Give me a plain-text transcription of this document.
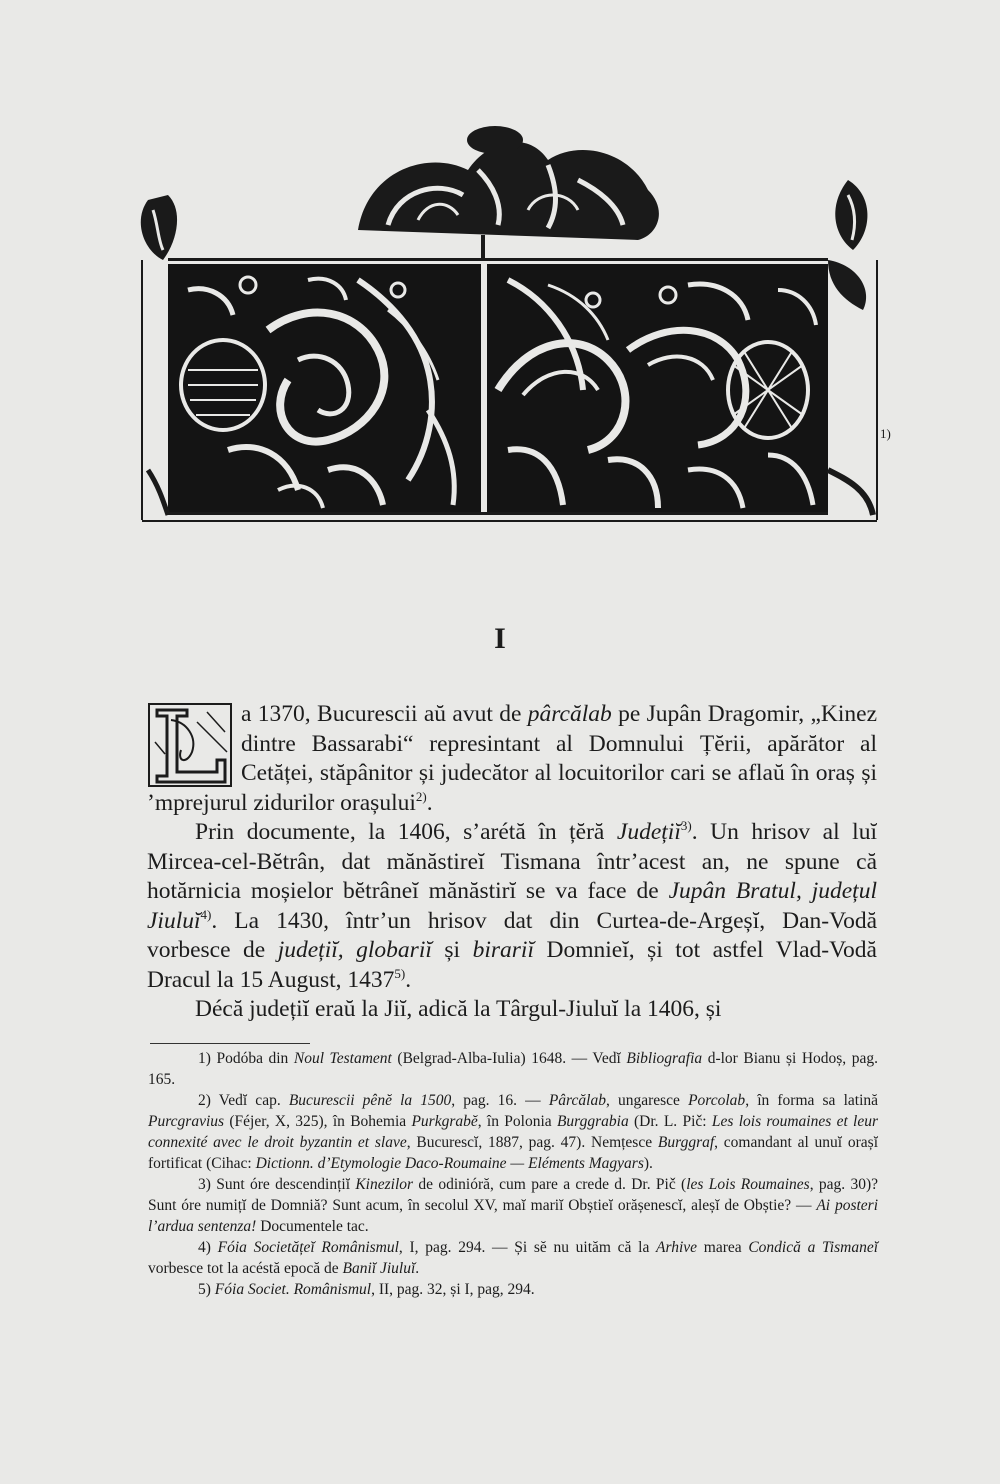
1)
I

a 1370, Bucurescii aŭ avut de pârcălab pe Jupân Dragomir, „Kinez dintre Bassarabi“ represintant al Domnului Țĕrii, apărător al Cetăței, stăpânitor și judecător al locuitorilor cari se aflaŭ în oraș și ’mprejurul zidurilor orașului$^{2)}$.

Prin documente, la 1406, s’arétă în țĕră Județiĭ$^{3)}$. Un hrisov al luĭ Mircea-cel-Bĕtrân, dat mănăstireĭ Tismana într’acest an, ne spune că hotărnicia moșielor bĕtrâneĭ mănăstirĭ se va face de Jupân Bratul, județul Jiuluĭ$^{4)}$. La 1430, într’un hrisov dat din Curtea-de-Argeșĭ, Dan-Vodă vorbesce de județiĭ, globariĭ și birariĭ Domnieĭ, și tot astfel Vlad-Vodă Dracul la 15 August, 1437$^{5)}$.

Décă județiĭ eraŭ la Jiĭ, adică la Târgul-Jiuluĭ la 1406, și

1) Podóba din Noul Testament (Belgrad-Alba-Iulia) 1648. — Vedĭ Bibliografia d-lor Bianu și Hodoș, pag. 165.

2) Vedĭ cap. Bucurescii pênĕ la 1500, pag. 16. — Pârcălab, ungaresce Porcolab, în forma sa latină Purcgravius (Féjer, X, 325), în Bohemia Purkgrabĕ, în Polonia Burggrabia (Dr. L. Pič: Les lois roumaines et leur connexité avec le droit byzantin et slave, Bucurescĭ, 1887, pag. 47). Nemțesce Burggraf, comandant al unuĭ orașĭ fortificat (Cihac: Dictionn. d’Etymologie Daco-Roumaine — Eléments Magyars).

3) Sunt óre descendințiĭ Kinezilor de odinióră, cum pare a crede d. Dr. Pič (les Lois Roumaines, pag. 30)? Sunt óre numițĭ de Domniă? Sunt acum, în secolul XV, maĭ mariĭ Obștieĭ orășenescĭ, aleșĭ de Obștie? — Ai posteri l’ardua sentenza! Documentele tac.

4) Fóia Societățeĭ Românismul, I, pag. 294. — Și sĕ nu uităm că la Arhive marea Condică a Tismaneĭ vorbesce tot la acéstă epocă de Baniĭ Jiuluĭ.

5) Fóia Societ. Românismul, II, pag. 32, și I, pag, 294.
